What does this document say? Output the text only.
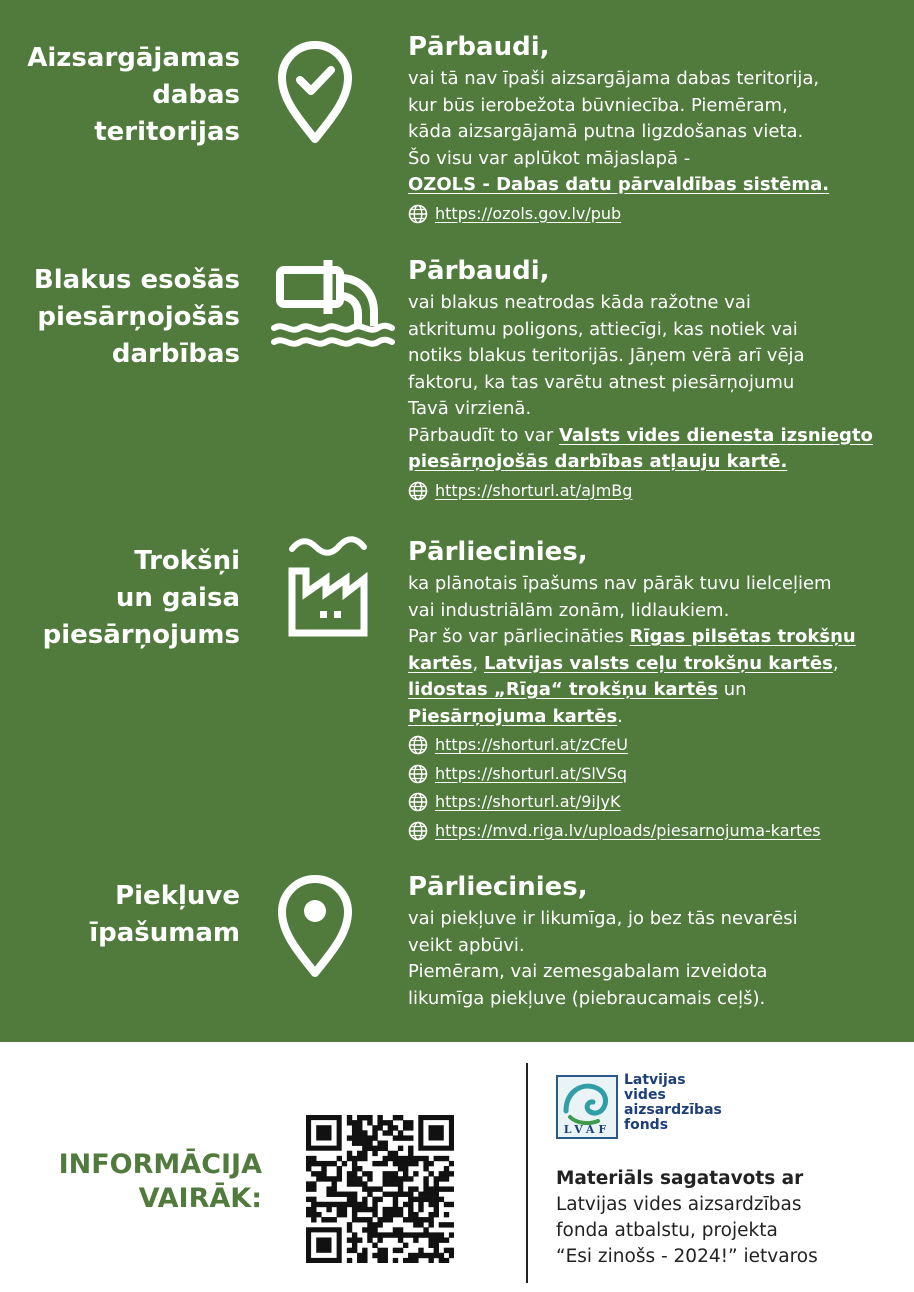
Aizsargājamas
dabas
teritorijas
Pārbaudi,
vai tā nav īpaši aizsargājama dabas teritorija,
kur būs ierobežota būvniecība. Piemēram,
kāda aizsargājamā putna ligzdošanas vieta.
Šo visu var aplūkot mājaslapā -
OZOLS - Dabas datu pārvaldības sistēma.
https://ozols.gov.lv/pub
Blakus esošās
piesārņojošās
darbības
Pārbaudi,
vai blakus neatrodas kāda ražotne vai
atkritumu poligons, attiecīgi, kas notiek vai
notiks blakus teritorijās. Jāņem vērā arī vēja
faktoru, ka tas varētu atnest piesārņojumu
Tavā virzienā.
Pārbaudīt to var Valsts vides dienesta izsniegto
piesārņojošās darbības atļauju kartē.
https://shorturl.at/aJmBg
Trokšņi
un gaisa
piesārņojums
Pārliecinies,
ka plānotais īpašums nav pārāk tuvu lielceļiem
vai industriālām zonām, lidlaukiem.
Par šo var pārliecināties Rīgas pilsētas trokšņu
kartēs, Latvijas valsts ceļu trokšņu kartēs,
lidostas „Rīga“ trokšņu kartēs un
Piesārņojuma kartēs.
https://shorturl.at/zCfeU
https://shorturl.at/SlVSq
https://shorturl.at/9iJyK
https://mvd.riga.lv/uploads/piesarnojuma-kartes
Piekļuve
īpašumam
Pārliecinies,
vai piekļuve ir likumīga, jo bez tās nevarēsi
veikt apbūvi.
Piemēram, vai zemesgabalam izveidota
likumīga piekļuve (piebraucamais ceļš).
INFORMĀCIJA
VAIRĀK:
LVAF
Latvijas
vides
aizsardzības
fonds
Materiāls sagatavots ar
Latvijas vides aizsardzības
fonda atbalstu, projekta
“Esi zinošs - 2024!” ietvaros
